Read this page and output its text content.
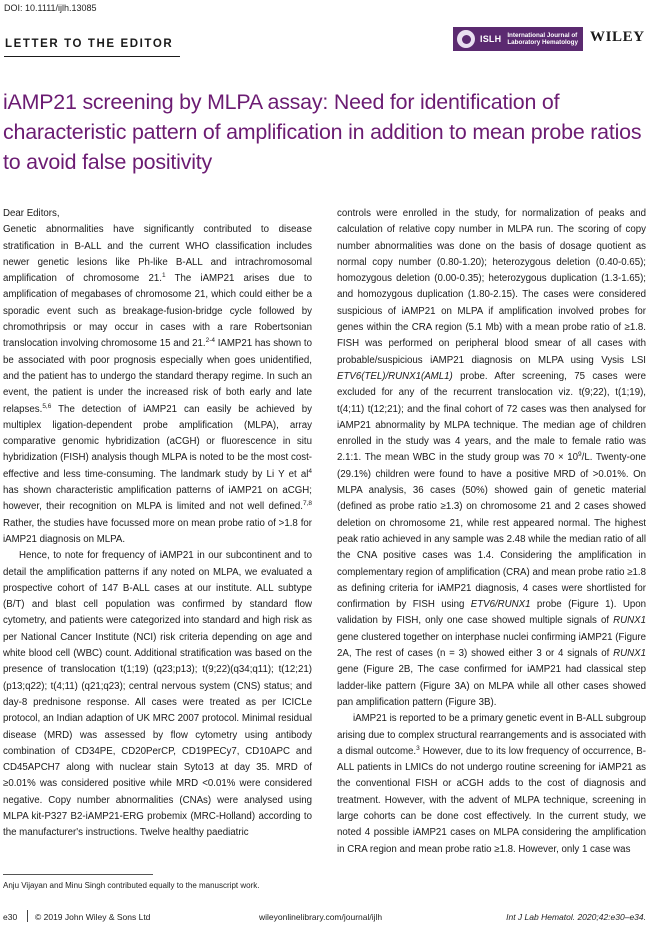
DOI: 10.1111/ijlh.13085
LETTER TO THE EDITOR	ISLH International Journal of
Laboratory Hematology WILEY
iAMP21 screening by MLPA assay: Need for identification of characteristic pattern of amplification in addition to mean probe ratios to avoid false positivity

Dear Editors,

Genetic abnormalities have significantly contributed to disease stratification in B-ALL and the current WHO classification includes newer genetic lesions like Ph-like B-ALL and intrachromosomal amplification of chromosome 21.$^1$ The iAMP21 arises due to amplification of megabases of chromosome 21, which could either be a sporadic event such as breakage-fusion-bridge cycle followed by chromothripsis or may occur in cases with a rare Robertsonian translocation involving chromosome 15 and 21.$^{2-4}$ IAMP21 has shown to be associated with poor prognosis especially when goes unidentified, and the patient has to undergo the standard therapy regime. In such an event, the patient is under the increased risk of both early and late relapses.$^{5,6}$ The detection of iAMP21 can easily be achieved by multiplex ligation-dependent probe amplification (MLPA), array comparative genomic hybridization (aCGH) or fluorescence in situ hybridization (FISH) analysis though MLPA is noted to be the most cost-effective and less time-consuming. The landmark study by Li Y et $al^4$ has shown characteristic amplification patterns of iAMP21 on aCGH; however, their recognition on MLPA is limited and not well defined.$^{7,8}$ Rather, the studies have focussed more on mean probe ratio of >1.8 for iAMP21 diagnosis on MLPA.

Hence, to note for frequency of iAMP21 in our subcontinent and to detail the amplification patterns if any noted on MLPA, we evaluated a prospective cohort of 147 B-ALL cases at our institute. ALL subtype (B/T) and blast cell population was confirmed by standard flow cytometry, and patients were categorized into standard and high risk as per National Cancer Institute (NCI) risk criteria depending on age and white blood cell (WBC) count. Additional stratification was based on the presence of translocation t(1;19) (q23;p13); t(9;22)(q34;q11); t(12;21) (p13;q22); t(4;11) (q21;q23); central nervous system (CNS) status; and day-8 prednisone response. All cases were treated as per ICICLe protocol, an Indian adaption of UK MRC 2007 protocol. Minimal residual disease (MRD) was assessed by flow cytometry using antibody combination of CD34PE, CD20PerCP, CD19PECy7, CD10APC and CD45APCH7 along with nuclear stain Syto13 at day 35. MRD of ≥0.01% was considered positive while MRD <0.01% were considered negative. Copy number abnormalities (CNAs) were analysed using MLPA kit-P327 B2-iAMP21-ERG probemix (MRC-Holland) according to the manufacturer's instructions. Twelve healthy paediatric

controls were enrolled in the study, for normalization of peaks and calculation of relative copy number in MLPA run. The scoring of copy number abnormalities was done on the basis of dosage quotient as normal copy number (0.80-1.20); heterozygous deletion (0.40-0.65); homozygous deletion (0.00-0.35); heterozygous duplication (1.3-1.65); and homozygous duplication (1.80-2.15). The cases were considered suspicious of iAMP21 on MLPA if amplification involved probes for genes within the CRA region (5.1 Mb) with a mean probe ratio of ≥1.8. FISH was performed on peripheral blood smear of all cases with probable/suspicious iAMP21 diagnosis on MLPA using Vysis LSI ETV6(TEL)/RUNX1(AML1) probe. After screening, 75 cases were excluded for any of the recurrent translocation viz. t(9;22), t(1;19), t(4;11) t(12;21); and the final cohort of 72 cases was then analysed for iAMP21 abnormality by MLPA technique. The median age of children enrolled in the study was 4 years, and the male to female ratio was 2.1:1. The mean WBC in the study group was $70 \times 10^9/L$. Twenty-one (29.1%) children were found to have a positive MRD of >0.01%. On MLPA analysis, 36 cases (50%) showed gain of genetic material (defined as probe ratio ≥1.3) on chromosome 21 and 2 cases showed deletion on chromosome 21, while rest appeared normal. The highest peak ratio achieved in any sample was 2.48 while the median ratio of all the CNA positive cases was 1.4. Considering the amplification in complementary region of amplification (CRA) and mean probe ratio ≥1.8 as defining criteria for iAMP21 diagnosis, 4 cases were shortlisted for confirmation by FISH using ETV6/RUNX1 probe (Figure 1). Upon validation by FISH, only one case showed multiple signals of RUNX1 gene clustered together on interphase nuclei confirming iAMP21 (Figure 2A, The rest of cases (n = 3) showed either 3 or 4 signals of RUNX1 gene (Figure 2B, The case confirmed for iAMP21 had classical step ladder-like pattern (Figure 3A) on MLPA while all other cases showed pan amplification pattern (Figure 3B).

iAMP21 is reported to be a primary genetic event in B-ALL subgroup arising due to complex structural rearrangements and is associated with a dismal outcome.$^3$ However, due to its low frequency of occurrence, B-ALL patients in LMICs do not undergo routine screening for iAMP21 as the conventional FISH or aCGH adds to the cost of diagnosis and treatment. However, with the advent of MLPA technique, screening in large cohorts can be done cost effectively. In the current study, we noted 4 possible iAMP21 cases on MLPA considering the amplification in CRA region and mean probe ratio ≥1.8. However, only 1 case was

Anju Vijayan and Minu Singh contributed equally to the manuscript work.
e30 © 2019 John Wiley & Sons Ltd	wileyonlinelibrary.com/journal/ijlh	Int J Lab Hematol. 2020;42:e30–e34.
